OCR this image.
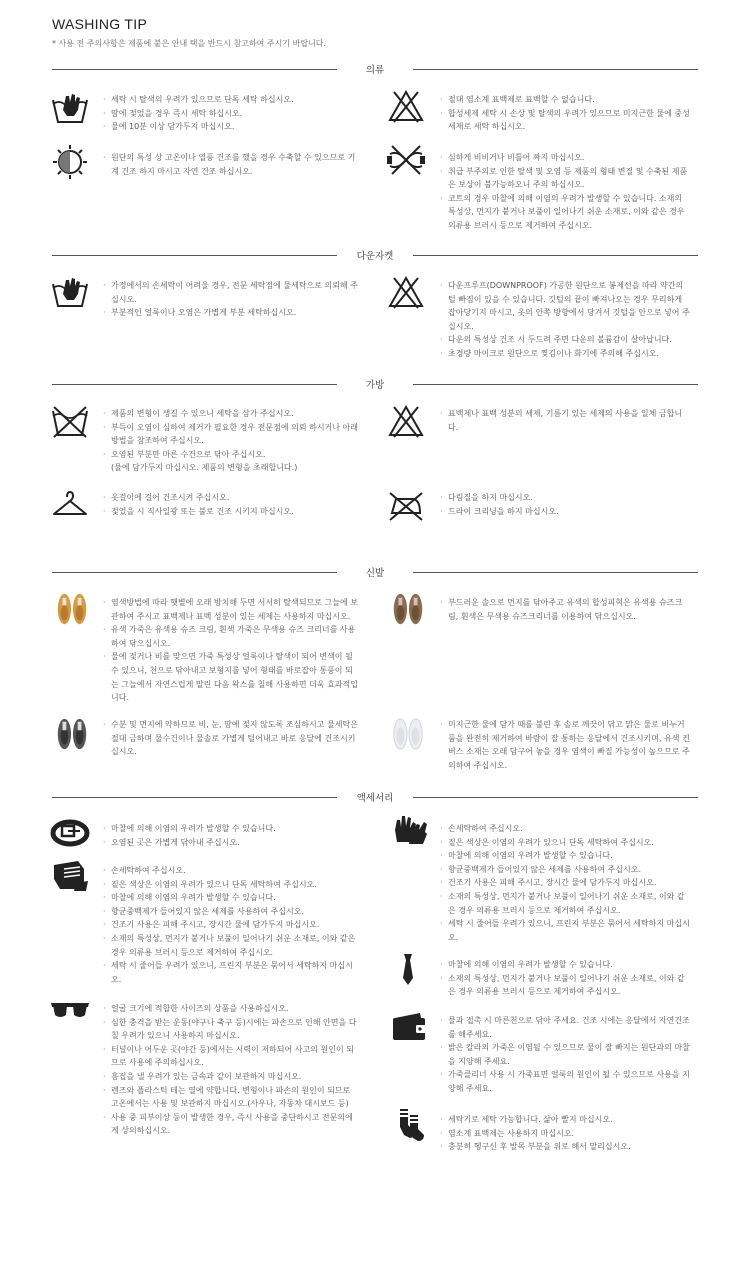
WASHING TIP
* 사용 전 주의사항은 제품에 붙은 안내 택을 반드시 참고하여 주시기 바랍니다.
의류
· 세탁 시 탈색의 우려가 있으므로 단독 세탁 하십시오.
· 땀에 젖었을 경우 즉시 세탁 하십시오.
· 물에 10분 이상 담가두지 마십시오.
· 원단의 특성 상 고온이나 열풍 건조를 했을 경우 수축할 수 있으므로 기계 건조 하지 마시고 자연 건조 하십시오.
· 절대 염소계 표백제로 표백할 수 없습니다.
· 합성세제 세탁 시 손상 및 탈색의 우려가 있으므로 미지근한 물에 중성세제로 세탁 하십시오.
· 심하게 비비거나 비틀어 짜지 마십시오.
· 취급 부주의로 인한 탈색 및 오염 등 제품의 형태 변질 및 수축된 제품은 보상이 불가능하오니 주의 하십시오.
· 코트의 경우 마찰에 의해 이염의 우려가 발생할 수 있습니다. 소재의 특성상, 먼지가 붙거나 보풀이 일어나기 쉬운 소재로, 이와 같은 경우 의류용 브러시 등으로 제거하여 주십시오.
다운자켓
· 가정에서의 손세탁이 어려울 경우, 전문 세탁점에 물세탁으로 의뢰해 주십시오.
· 부분적인 얼룩이나 오염은 가볍게 부분 세탁하십시오.
· 다운프루프(DOWNPROOF) 가공한 원단으로 봉제선을 따라 약간의 털 빠짐이 있을 수 있습니다. 깃털의 끝이 빠져나오는 경우 무리하게 잡아당기지 마시고, 옷의 안쪽 방향에서 당겨서 깃털을 안으로 넣어 주십시오.
· 다운의 특성상 건조 시 두드려 주면 다운의 볼륨감이 살아납니다.
· 초경량 마이크로 원단으로 찢김이나 화기에 주의해 주십시오.
가방
· 제품의 변형이 생길 수 있으니 세탁을 삼가 주십시오.
· 부득이 오염이 심하여 제거가 필요한 경우 전문점에 의뢰 하시거나 아래 방법을 참조하여 주십시오.
· 오염된 부분만 마른 수건으로 닦아 주십시오.
(물에 담가두지 마십시오. 제품의 변형을 초래합니다.)
· 표백제나 표백 성분의 세제, 기름기 있는 세제의 사용을 일체 금합니다.
· 옷걸이에 걸어 건조시켜 주십시오.
· 젖었을 시 직사일광 또는 불로 건조 시키지 마십시오.
· 다림질을 하지 마십시오.
· 드라이 크리닝을 하지 마십시오.
신발
· 염색방법에 따라 햇볕에 오래 방치해 두면 서서히 탈색되므로 그늘에 보관하여 주시고 표백제나 표백 성분이 있는 세제는 사용하지 마십시오.
· 유색 가죽은 유색용 슈즈 크림, 흰색 가죽은 무색용 슈즈 크리너를 사용하여 닦으십시오.
· 물에 젖거나 비를 맞으면 가죽 특성상 얼룩이나 탈색이 되어 변색이 될 수 있으니, 천으로 닦아내고 보형지를 넣어 형태를 바로잡아 통풍이 되는 그늘에서 자연스럽게 말린 다음 왁스를 칠해 사용하면 더욱 효과적입니다.
· 부드러운 솔으로 먼지를 닦아주고 유색의 합성피혁은 유색용 슈즈크림, 흰색은 무색용 슈즈크리너를 이용하여 닦으십시오.
· 수분 및 먼지에 약하므로 비, 눈, 땀에 젖지 않도록 조심하시고 물세탁은 절대 금하며 물수건이나 물솔로 가볍게 털어내고 바로 응달에 건조시키십시오.
· 미지근한 물에 담가 때를 불린 후 솔로 깨끗이 닦고 맑은 물로 비누거품을 완전히 제거하여 바람이 잘 통하는 응달에서 건조시키며, 유색 컨버스 소재는 오래 담구어 놓을 경우 염색이 빠질 가능성이 높으므로 주의하여 주십시오.
액세서리
· 마찰에 의해 이염의 우려가 발생할 수 있습니다.
· 오염된 곳은 가볍게 닦아내 주십시오.
· 손세탁하여 주십시오.
· 짙은 색상은 이염의 우려가 있으니 단독 세탁하여 주십시오.
· 마찰에 의해 이염의 우려가 발생할 수 있습니다.
· 향균중백제가 들어있지 않은 세제를 사용하여 주십시오.
· 건조기 사용은 피해 주시고, 장시간 물에 담가두지 마십시오.
· 소재의 특성상, 먼지가 붙거나 보풀이 일어나기 쉬운 소재로, 이와 같은 경우 의류용 브러시 등으로 제거하여 주십시오.
· 세탁 시 줄어들 우려가 있으니, 프린지 부분은 묶어서 세탁하지 마십시오.
· 얼굴 크기에 적합한 사이즈의 상품을 사용하십시오.
· 심한 충격을 받는 운동(야구나 축구 등)시에는 파손으로 인해 안면을 다칠 우려가 있으니 사용하지 마십시오.
· 터널이나 어두운 곳(야간 등)에서는 시력이 저하되어 사고의 원인이 되므로 사용에 주의하십시오.
· 흠집을 낼 우려가 있는 금속과 같이 보관하지 마십시오.
· 렌즈와 플라스틱 테는 열에 약합니다. 변형이나 파손의 원인이 되므로 고온에서는 사용 및 보관하지 마십시오.(사우나, 자동차 대시보드 등)
· 사용 중 피부이상 등이 발생한 경우, 즉시 사용을 중단하시고 전문의에게 상의하십시오.
· 손세탁하여 주십시오.
· 짙은 색상은 이염의 우려가 있으니 단독 세탁하여 주십시오.
· 마찰에 의해 이염의 우려가 발생할 수 있습니다.
· 향균중백제가 들어있지 않은 세제를 사용하여 주십시오.
· 건조기 사용은 피해 주시고, 장시간 물에 담가두지 마십시오.
· 소재의 특성상, 먼지가 붙거나 보풀이 일어나기 쉬운 소재로, 이와 같은 경우 의류용 브러시 등으로 제거하여 주십시오.
· 세탁 시 줄어들 우려가 있으니, 프린지 부분은 묶어서 세탁하지 마십시오.
· 마찰에 의해 이염의 우려가 발생할 수 있습니다.
· 소재의 특성상, 먼지가 붙거나 보풀이 일어나기 쉬운 소재로, 이와 같은 경우 의류용 브러시 등으로 제거하여 주십시오.
· 물과 접촉 시 마른천으로 닦아 주세요. 건조 시에는 응달에서 자연건조를 해주세요.
· 밝은 칼라의 가죽은 이염될 수 있으므로 물이 잘 빠지는 원단과의 마찰을 지양해 주세요.
· 가죽클리너 사용 시 가죽표면 얼룩의 원인이 될 수 있으므로 사용을 지양해 주세요.
· 세탁기로 세탁 가능합니다. 삶아 빨지 마십시오.
· 염소계 표백제는 사용하지 마십시오.
· 충분히 헹구신 후 발목 부분을 위로 해서 말리십시오.
